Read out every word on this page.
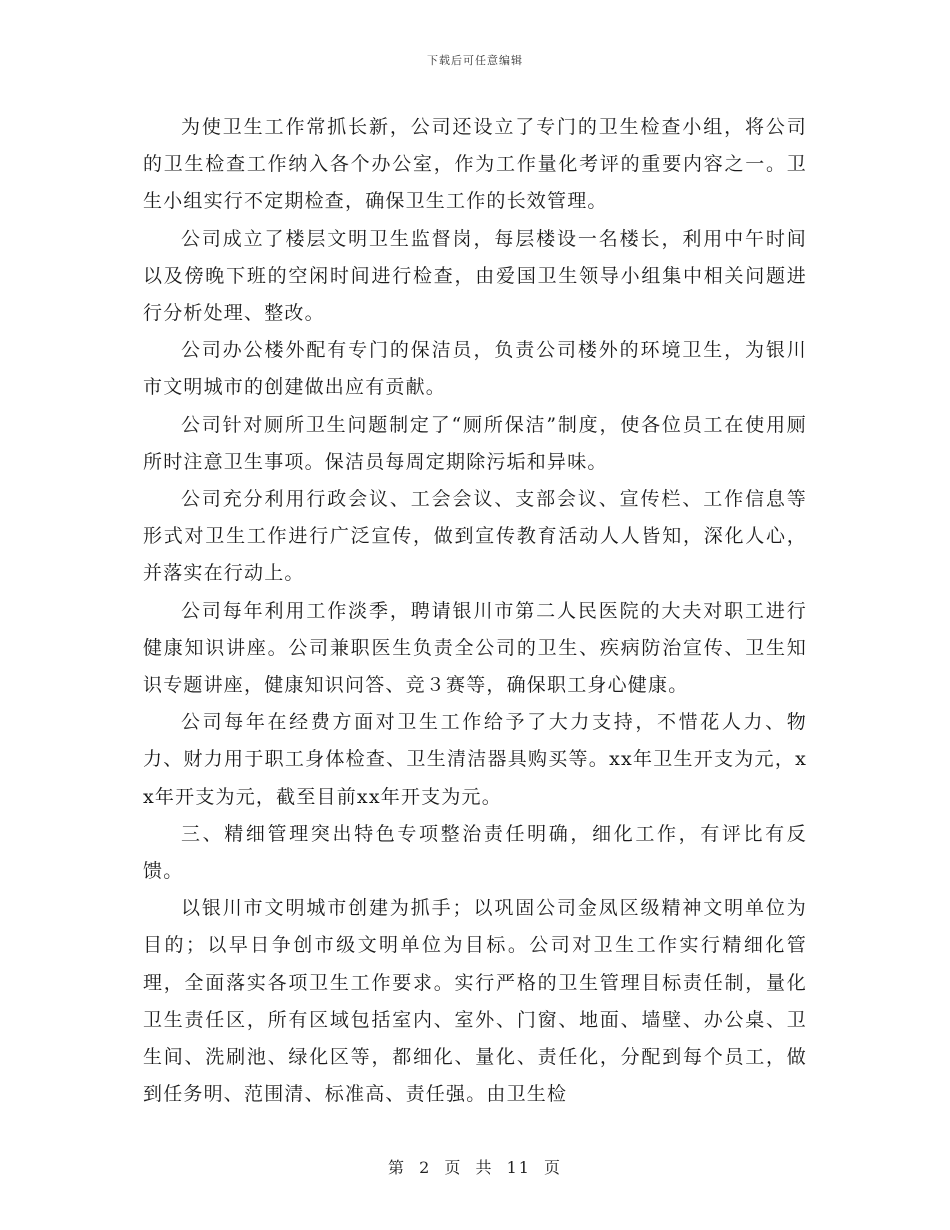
下载后可任意编辑

为使卫生工作常抓长新，公司还设立了专门的卫生检查小组，将公司的卫生检查工作纳入各个办公室，作为工作量化考评的重要内容之一。卫生小组实行不定期检查，确保卫生工作的长效管理。

公司成立了楼层文明卫生监督岗，每层楼设一名楼长，利用中午时间以及傍晚下班的空闲时间进行检查，由爱国卫生领导小组集中相关问题进行分析处理、整改。

公司办公楼外配有专门的保洁员，负责公司楼外的环境卫生，为银川市文明城市的创建做出应有贡献。

公司针对厕所卫生问题制定了“厕所保洁”制度，使各位员工在使用厕所时注意卫生事项。保洁员每周定期除污垢和异味。

公司充分利用行政会议、工会会议、支部会议、宣传栏、工作信息等形式对卫生工作进行广泛宣传，做到宣传教育活动人人皆知，深化人心，并落实在行动上。

公司每年利用工作淡季，聘请银川市第二人民医院的大夫对职工进行健康知识讲座。公司兼职医生负责全公司的卫生、疾病防治宣传、卫生知识专题讲座，健康知识问答、竞３赛等，确保职工身心健康。

公司每年在经费方面对卫生工作给予了大力支持，不惜花人力、物力、财力用于职工身体检查、卫生清洁器具购买等。xx年卫生开支为元，xx年开支为元，截至目前xx年开支为元。

三、精细管理突出特色专项整治责任明确，细化工作，有评比有反馈。

以银川市文明城市创建为抓手；以巩固公司金凤区级精神文明单位为目的；以早日争创市级文明单位为目标。公司对卫生工作实行精细化管理，全面落实各项卫生工作要求。实行严格的卫生管理目标责任制，量化卫生责任区，所有区域包括室内、室外、门窗、地面、墙壁、办公桌、卫生间、洗刷池、绿化区等，都细化、量化、责任化，分配到每个员工，做到任务明、范围清、标准高、责任强。由卫生检

第 2 页 共 11 页
